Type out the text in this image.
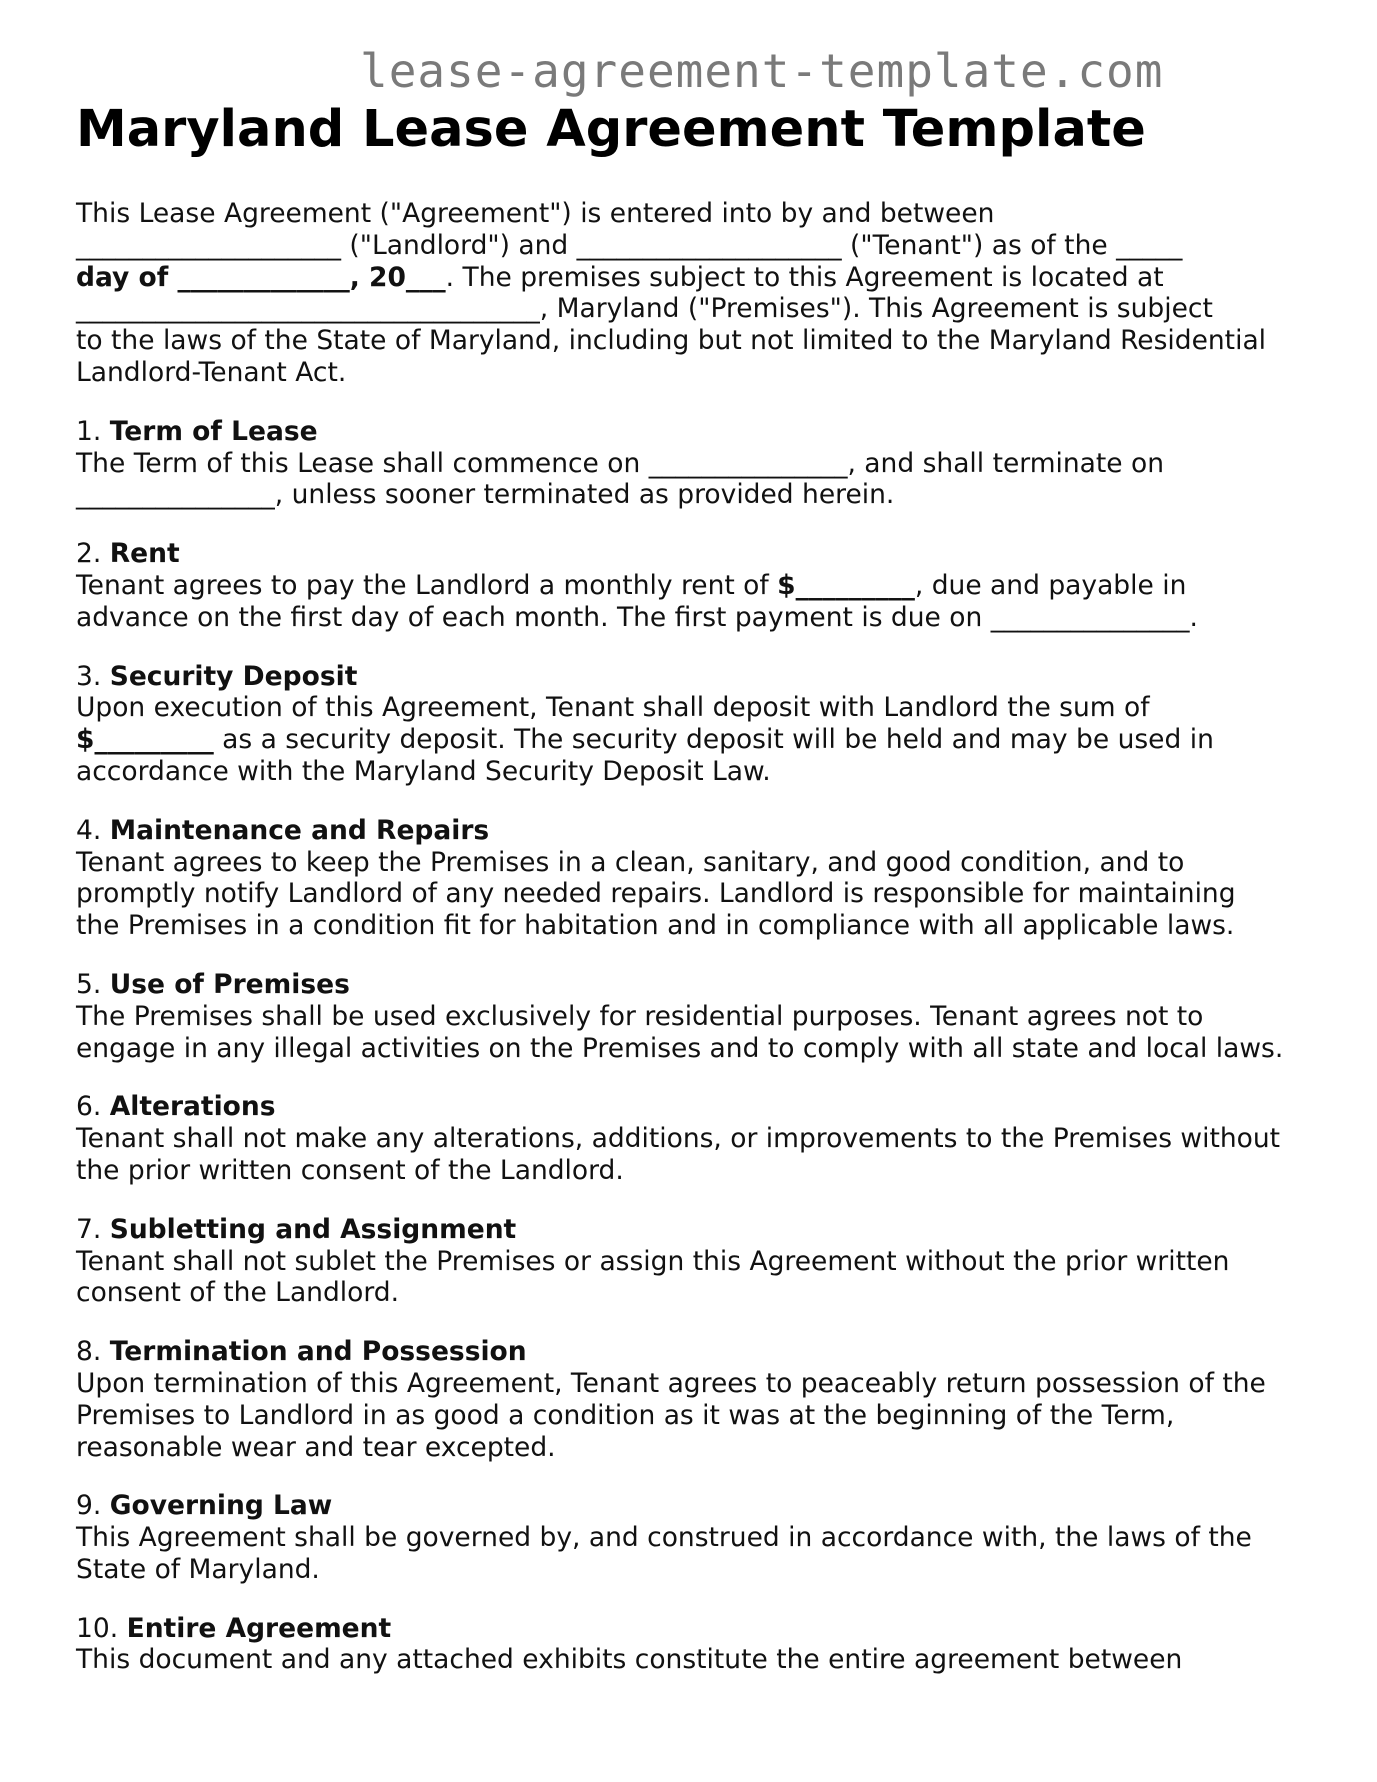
lease-agreement-template.com
Maryland Lease Agreement Template

This Lease Agreement ("Agreement") is entered into by and between
____________________ ("Landlord") and ____________________ ("Tenant") as of the _____
day of _____________, 20___. The premises subject to this Agreement is located at
___________________________________, Maryland ("Premises"). This Agreement is subject
to the laws of the State of Maryland, including but not limited to the Maryland Residential
Landlord-Tenant Act.

1. Term of Lease
The Term of this Lease shall commence on _______________, and shall terminate on
_______________, unless sooner terminated as provided herein.
2. Rent
Tenant agrees to pay the Landlord a monthly rent of $_________, due and payable in
advance on the first day of each month. The first payment is due on _______________.
3. Security Deposit
Upon execution of this Agreement, Tenant shall deposit with Landlord the sum of
$_________ as a security deposit. The security deposit will be held and may be used in
accordance with the Maryland Security Deposit Law.
4. Maintenance and Repairs
Tenant agrees to keep the Premises in a clean, sanitary, and good condition, and to
promptly notify Landlord of any needed repairs. Landlord is responsible for maintaining
the Premises in a condition fit for habitation and in compliance with all applicable laws.
5. Use of Premises
The Premises shall be used exclusively for residential purposes. Tenant agrees not to
engage in any illegal activities on the Premises and to comply with all state and local laws.
6. Alterations
Tenant shall not make any alterations, additions, or improvements to the Premises without
the prior written consent of the Landlord.
7. Subletting and Assignment
Tenant shall not sublet the Premises or assign this Agreement without the prior written
consent of the Landlord.
8. Termination and Possession
Upon termination of this Agreement, Tenant agrees to peaceably return possession of the
Premises to Landlord in as good a condition as it was at the beginning of the Term,
reasonable wear and tear excepted.
9. Governing Law
This Agreement shall be governed by, and construed in accordance with, the laws of the
State of Maryland.
10. Entire Agreement
This document and any attached exhibits constitute the entire agreement between
